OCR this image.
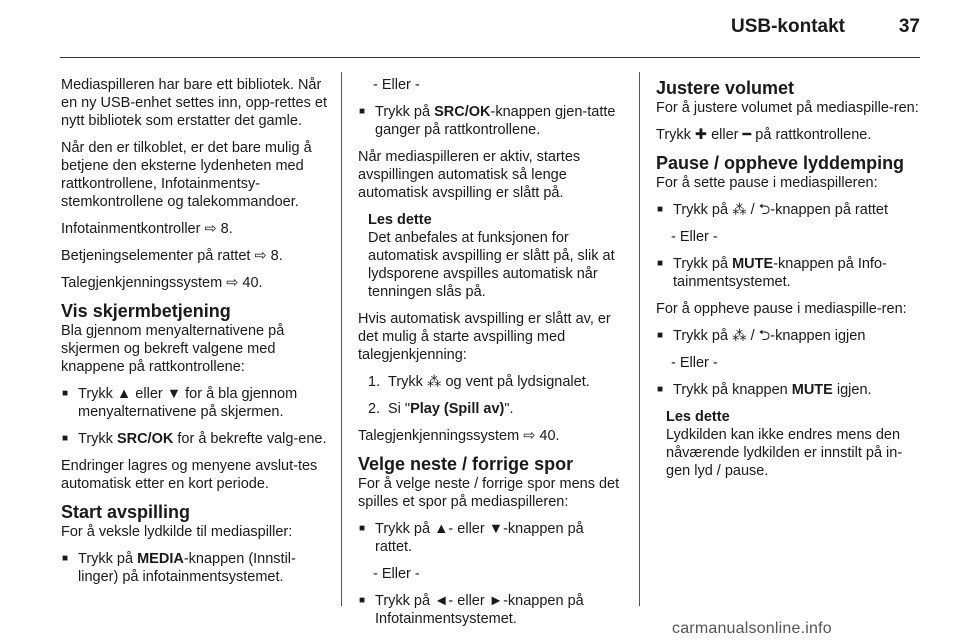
USB-kontakt	37

Mediaspilleren har bare ett bibliotek. Når en ny USB-enhet settes inn, opp-rettes et nytt bibliotek som erstatter det gamle.

Når den er tilkoblet, er det bare mulig å betjene den eksterne lydenheten med rattkontrollene, Infotainmentsy-stemkontrollene og talekommandoer.

Infotainmentkontroller ⇨ 8.

Betjeningselementer på rattet ⇨ 8.

Talegjenkjenningssystem ⇨ 40.

Vis skjermbetjening

Bla gjennom menyalternativene på skjermen og bekreft valgene med knappene på rattkontrollene:

■ Trykk ▲ eller ▼ for å bla gjennom menyalternativene på skjermen.
■ Trykk SRC/OK for å bekrefte valg-ene.

Endringer lagres og menyene avslut-tes automatisk etter en kort periode.

Start avspilling

For å veksle lydkilde til mediaspiller:

■ Trykk på MEDIA-knappen (Innstil-linger) på infotainmentsystemet.

- Eller -

■ Trykk på SRC/OK-knappen gjen-tatte ganger på rattkontrollene.

Når mediaspilleren er aktiv, startes avspillingen automatisk så lenge automatisk avspilling er slått på.

Les dette
Det anbefales at funksjonen for automatisk avspilling er slått på, slik at lydsporene avspilles automatisk når tenningen slås på.

Hvis automatisk avspilling er slått av, er det mulig å starte avspilling med talegjenkjenning:

1. Trykk ⁂ og vent på lydsignalet.
2. Si "Play (Spill av)".

Talegjenkjenningssystem ⇨ 40.

Velge neste / forrige spor

For å velge neste / forrige spor mens det spilles et spor på mediaspilleren:

■ Trykk på ▲- eller ▼-knappen på rattet.

- Eller -

■ Trykk på ◄- eller ►-knappen på Infotainmentsystemet.
Justere volumet

For å justere volumet på mediaspille-ren:

Trykk ✚ eller ━ på rattkontrollene.

Pause / oppheve lyddemping

For å sette pause i mediaspilleren:

■ Trykk på ⁂ / ⮌-knappen på rattet

- Eller -

■ Trykk på MUTE-knappen på Info-tainmentsystemet.

For å oppheve pause i mediaspille-ren:

■ Trykk på ⁂ / ⮌-knappen igjen

- Eller -

■ Trykk på knappen MUTE igjen.
Les dette
Lydkilden kan ikke endres mens den nåværende lydkilden er innstilt på in-gen lyd / pause.
carmanualsonline.info
